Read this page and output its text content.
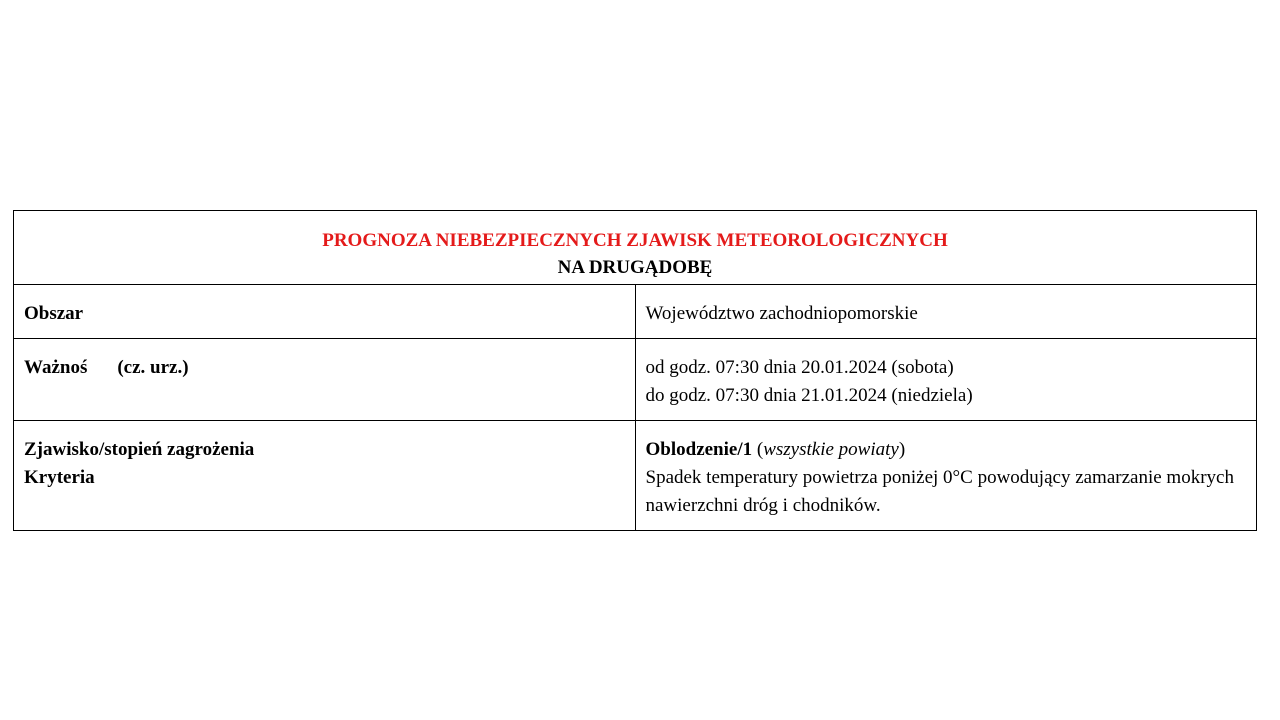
PROGNOZA NIEBEZPIECZNYCH ZJAWISK METEOROLOGICZNYCH
NA DRUGĄDOBĘ	

Obszar	Województwo zachodniopomorskie
Ważnoś (cz. urz.)	od godz. 07:30 dnia 20.01.2024 (sobota)
do godz. 07:30 dnia 21.01.2024 (niedziela)

Zjawisko/stopień zagrożenia
Kryteria	Oblodzenie/1 (wszystkie powiaty)
Spadek temperatury powietrza poniżej 0°C powodujący zamarzanie mokrych nawierzchni dróg i chodników.
